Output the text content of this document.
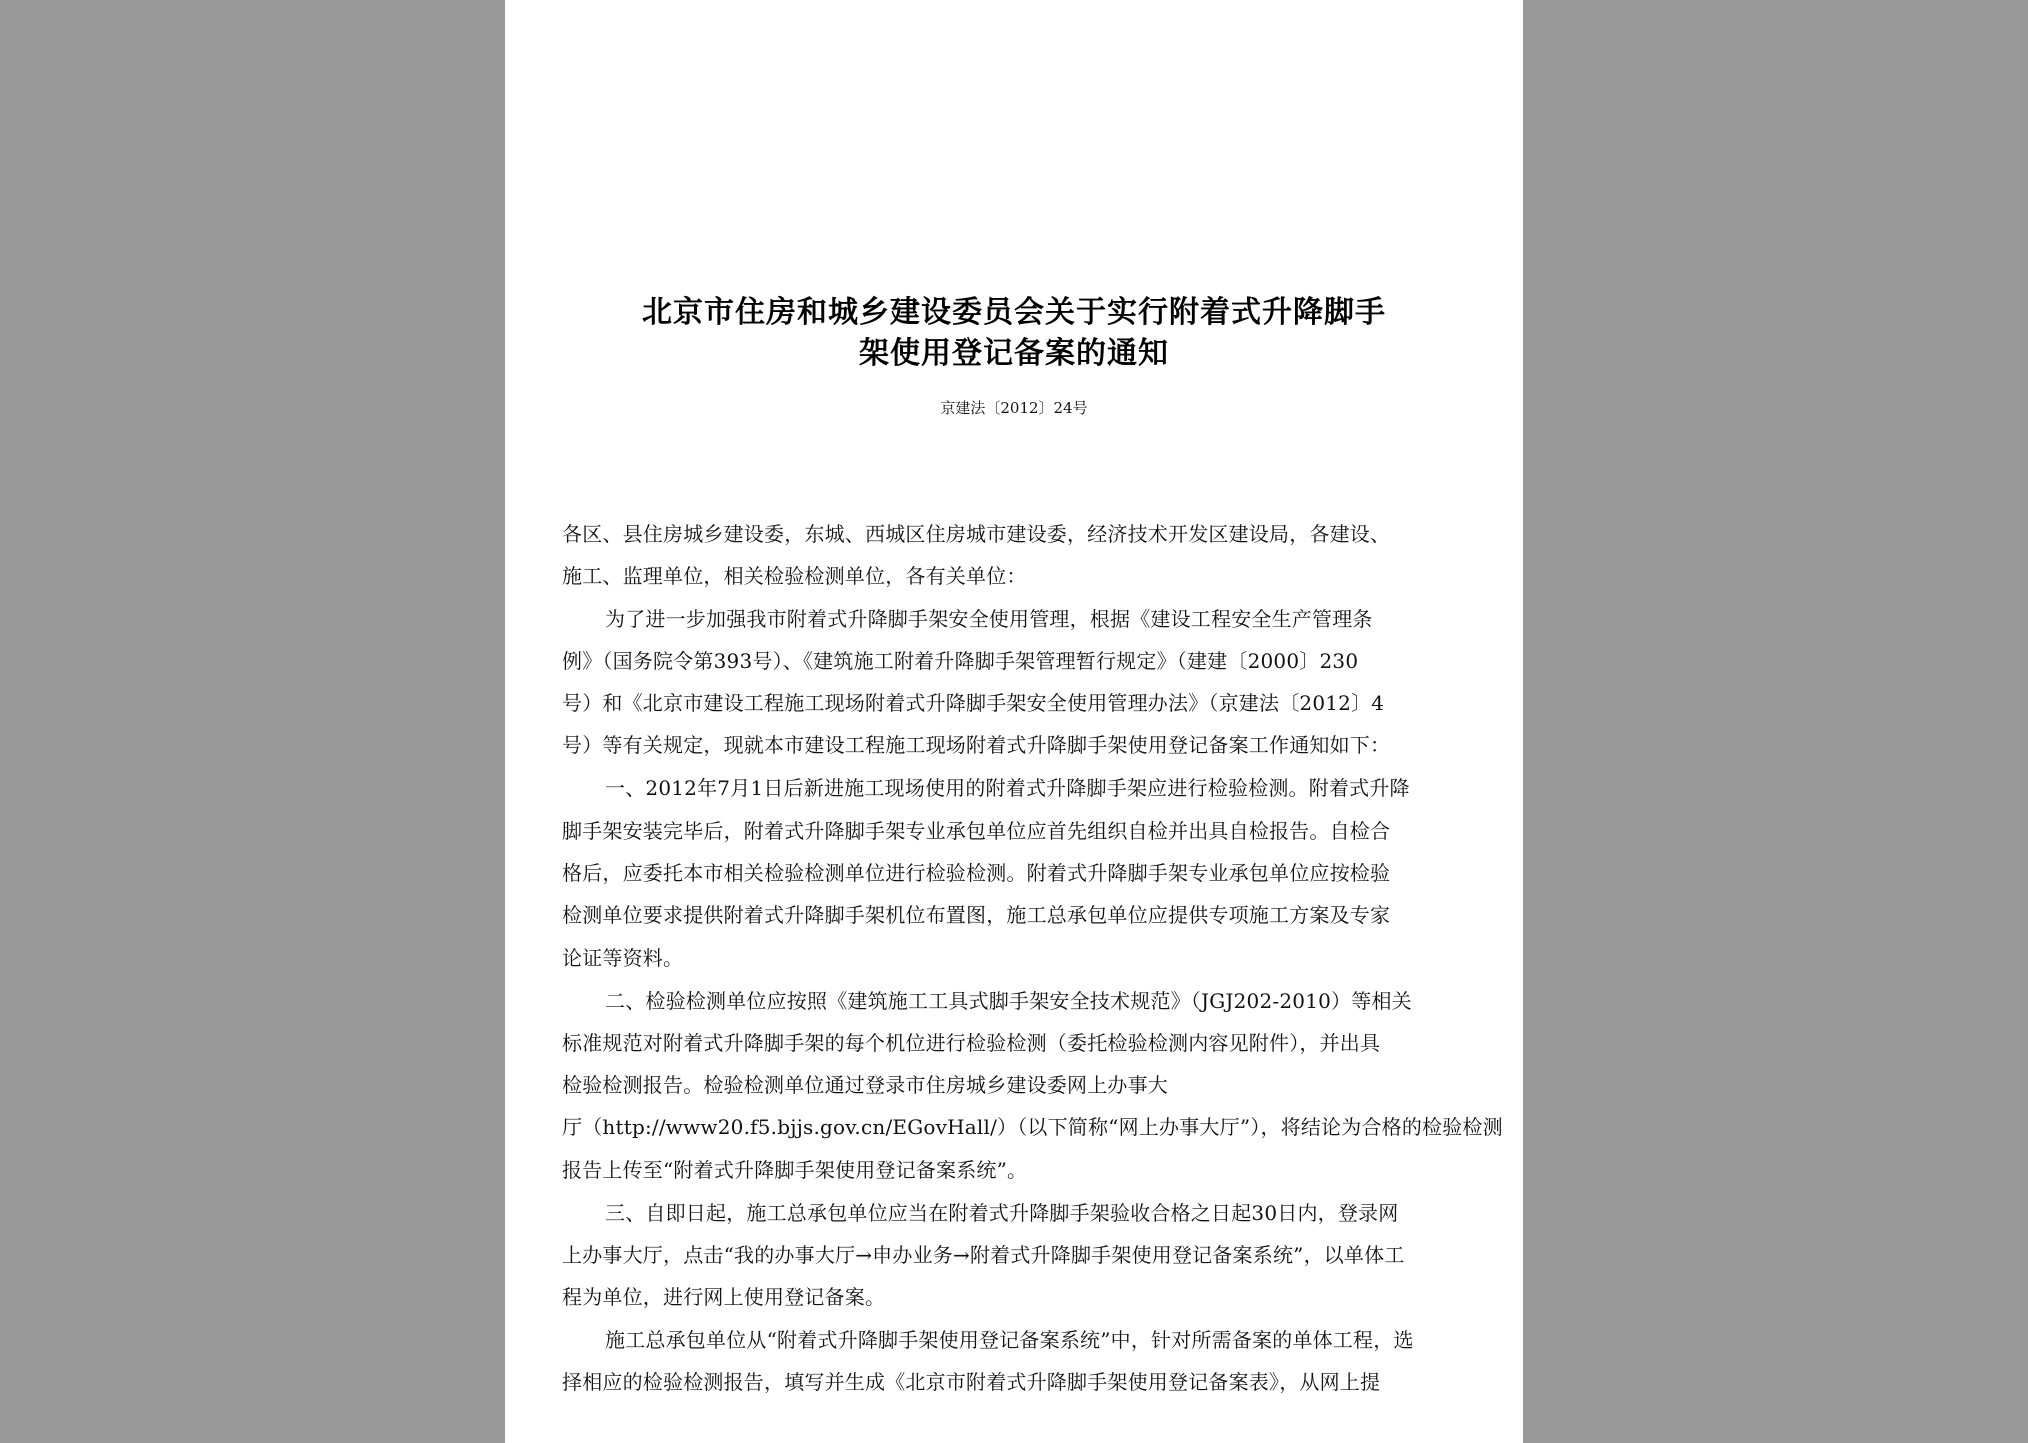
北京市住房和城乡建设委员会关于实行附着式升降脚手
架使用登记备案的通知
京建法〔2012〕24号
各区、县住房城乡建设委，东城、西城区住房城市建设委，经济技术开发区建设局，各建设、
施工、监理单位，相关检验检测单位，各有关单位：
为了进一步加强我市附着式升降脚手架安全使用管理，根据《建设工程安全生产管理条
例》（国务院令第393号）、《建筑施工附着升降脚手架管理暂行规定》（建建〔2000〕230
号）和《北京市建设工程施工现场附着式升降脚手架安全使用管理办法》（京建法〔2012〕4
号）等有关规定，现就本市建设工程施工现场附着式升降脚手架使用登记备案工作通知如下：
一、2012年7月1日后新进施工现场使用的附着式升降脚手架应进行检验检测。附着式升降
脚手架安装完毕后，附着式升降脚手架专业承包单位应首先组织自检并出具自检报告。自检合
格后，应委托本市相关检验检测单位进行检验检测。附着式升降脚手架专业承包单位应按检验
检测单位要求提供附着式升降脚手架机位布置图，施工总承包单位应提供专项施工方案及专家
论证等资料。
二、检验检测单位应按照《建筑施工工具式脚手架安全技术规范》（JGJ202-2010）等相关
标准规范对附着式升降脚手架的每个机位进行检验检测（委托检验检测内容见附件），并出具
检验检测报告。检验检测单位通过登录市住房城乡建设委网上办事大
厅（http://www20.f5.bjjs.gov.cn/EGovHall/）（以下简称“网上办事大厅”），将结论为合格的检验检测
报告上传至“附着式升降脚手架使用登记备案系统”。
三、自即日起，施工总承包单位应当在附着式升降脚手架验收合格之日起30日内，登录网
上办事大厅，点击“我的办事大厅→申办业务→附着式升降脚手架使用登记备案系统”，以单体工
程为单位，进行网上使用登记备案。
施工总承包单位从“附着式升降脚手架使用登记备案系统”中，针对所需备案的单体工程，选
择相应的检验检测报告，填写并生成《北京市附着式升降脚手架使用登记备案表》，从网上提
